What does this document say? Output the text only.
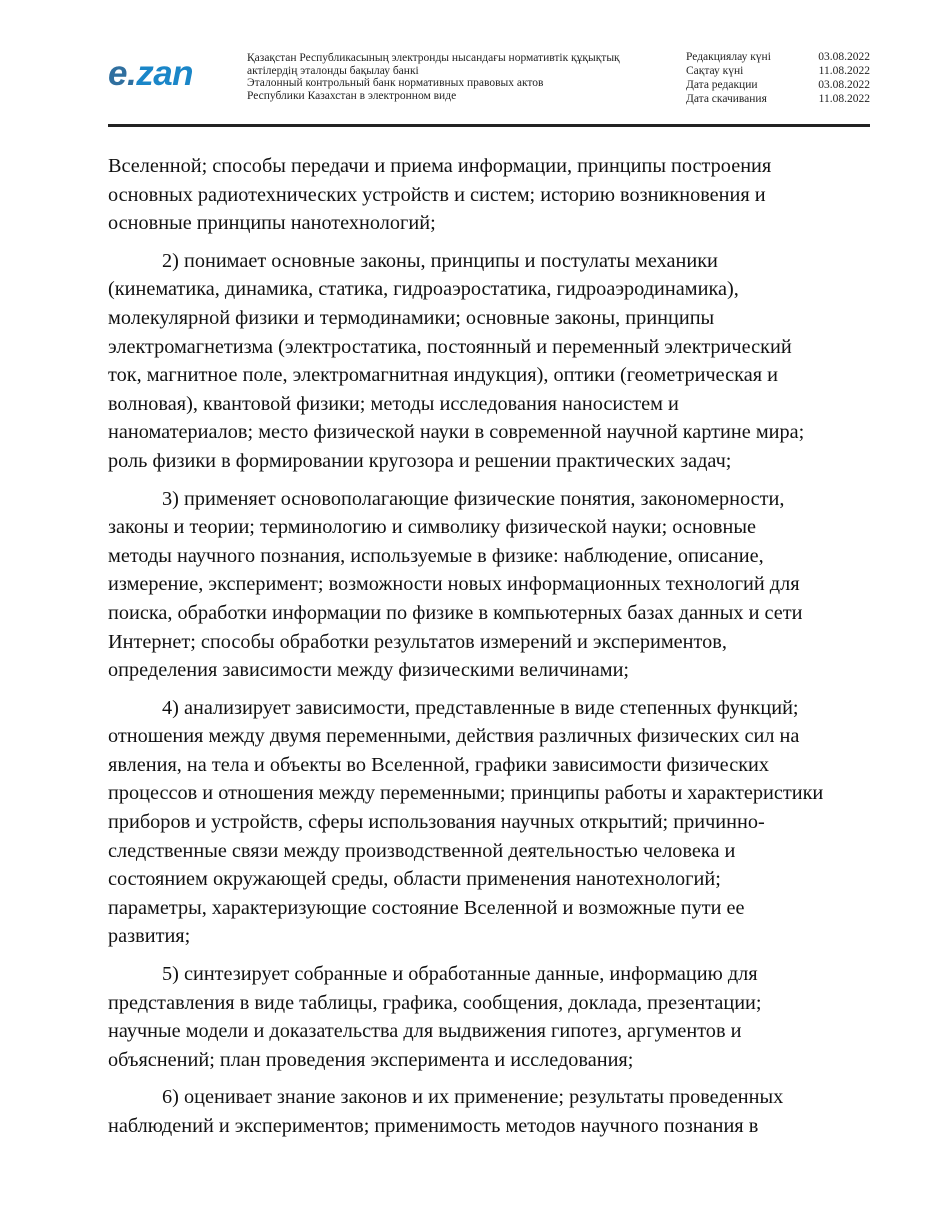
e.zan	Қазақстан Республикасының электронды нысандағы нормативтік құқықтық
актілердің эталонды бақылау банкі
Эталонный контрольный банк нормативных правовых актов
Республики Казахстан в электронном виде
Редакциялау күні	03.08.2022
Сақтау күні	11.08.2022
Дата редакции	03.08.2022
Дата скачивания	11.08.2022
Вселенной; способы передачи и приема информации, принципы построения
основных радиотехнических устройств и систем; историю возникновения и
основные принципы нанотехнологий;
2) понимает основные законы, принципы и постулаты механики
(кинематика, динамика, статика, гидроаэростатика, гидроаэродинамика),
молекулярной физики и термодинамики; основные законы, принципы
электромагнетизма (электростатика, постоянный и переменный электрический
ток, магнитное поле, электромагнитная индукция), оптики (геометрическая и
волновая), квантовой физики; методы исследования наносистем и
наноматериалов; место физической науки в современной научной картине мира;
роль физики в формировании кругозора и решении практических задач;
3) применяет основополагающие физические понятия, закономерности,
законы и теории; терминологию и символику физической науки; основные
методы научного познания, используемые в физике: наблюдение, описание,
измерение, эксперимент; возможности новых информационных технологий для
поиска, обработки информации по физике в компьютерных базах данных и сети
Интернет; способы обработки результатов измерений и экспериментов,
определения зависимости между физическими величинами;
4) анализирует зависимости, представленные в виде степенных функций;
отношения между двумя переменными, действия различных физических сил на
явления, на тела и объекты во Вселенной, графики зависимости физических
процессов и отношения между переменными; принципы работы и характеристики
приборов и устройств, сферы использования научных открытий; причинно-
следственные связи между производственной деятельностью человека и
состоянием окружающей среды, области применения нанотехнологий;
параметры, характеризующие состояние Вселенной и возможные пути ее
развития;
5) синтезирует собранные и обработанные данные, информацию для
представления в виде таблицы, графика, сообщения, доклада, презентации;
научные модели и доказательства для выдвижения гипотез, аргументов и
объяснений; план проведения эксперимента и исследования;
6) оценивает знание законов и их применение; результаты проведенных
наблюдений и экспериментов; применимость методов научного познания в
